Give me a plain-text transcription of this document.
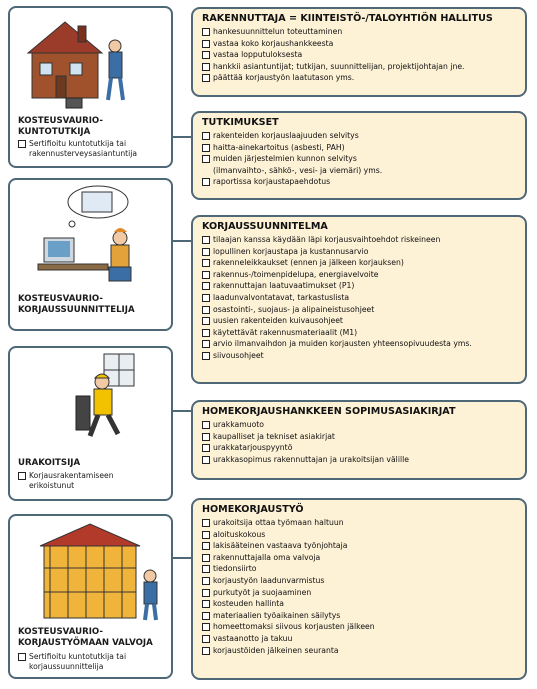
KOSTEUSVAURIO-
KUNTOTUTKIJA
Sertifioitu kuntotutkija tai
rakennusterveysasiantuntija
KOSTEUSVAURIO-
KORJAUSSUUNNITTELIJA
URAKOITSIJA
Korjausrakentamiseen
erikoistunut
KOSTEUSVAURIO-
KORJAUSTYÖMAAN VALVOJA
Sertifioitu kuntotutkija tai
korjaussuunnittelija
RAKENNUTTAJA = KIINTEISTÖ-/TALOYHTIÖN HALLITUS
hankesuunnittelun toteuttaminen
vastaa koko korjaushankkeesta
vastaa lopputuloksesta
hankkii asiantuntijat; tutkijan, suunnittelijan, projektijohtajan jne.
päättää korjaustyön laatutason yms.
TUTKIMUKSET
rakenteiden korjauslaajuuden selvitys
haitta-ainekartoitus (asbesti, PAH)
muiden järjestelmien kunnon selvitys
(ilmanvaihto-, sähkö-, vesi- ja viemäri) yms.
raportissa korjaustapaehdotus
KORJAUSSUUNNITELMA
tilaajan kanssa käydään läpi korjausvaihtoehdot riskeineen
lopullinen korjaustapa ja kustannusarvio
rakenneleikkaukset (ennen ja jälkeen korjauksen)
rakennus-/toimenpidelupa, energiavelvoite
rakennuttajan laatuvaatimukset (P1)
laadunvalvontatavat, tarkastuslista
osastointi-, suojaus- ja alipaineistusohjeet
uusien rakenteiden kuivausohjeet
käytettävät rakennusmateriaalit (M1)
arvio ilmanvaihdon ja muiden korjausten yhteensopivuudesta yms.
siivousohjeet
HOMEKORJAUSHANKKEEN SOPIMUSASIAKIRJAT
urakkamuoto
kaupalliset ja tekniset asiakirjat
urakkatarjouspyyntö
urakkasopimus rakennuttajan ja urakoitsijan välille
HOMEKORJAUSTYÖ
urakoitsija ottaa työmaan haltuun
aloituskokous
lakisääteinen vastaava työnjohtaja
rakennuttajalla oma valvoja
tiedonsiirto
korjaustyön laadunvarmistus
purkutyöt ja suojaaminen
kosteuden hallinta
materiaalien työaikainen säilytys
homeettomaksi siivous korjausten jälkeen
vastaanotto ja takuu
korjaustöiden jälkeinen seuranta
